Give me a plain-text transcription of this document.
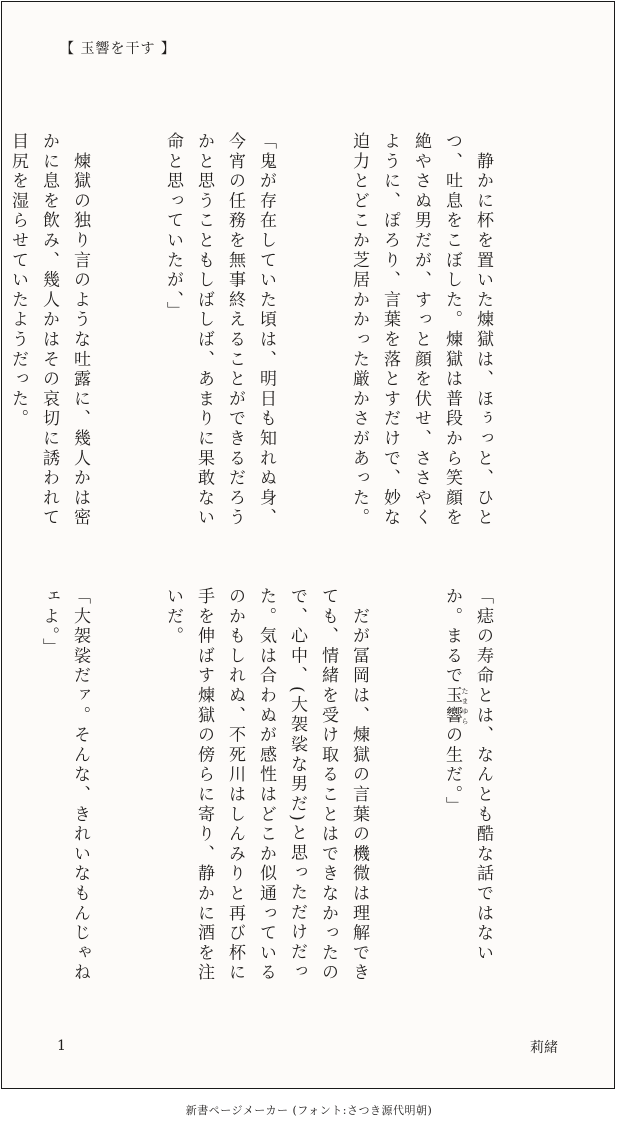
【 玉響を干す 】

　静かに杯を置いた煉獄は、ほぅっと、ひとつ、吐息をこぼした。煉獄は普段から笑顔を絶やさぬ男だが、すっと顔を伏せ、ささやくように、ぽろり、言葉を落とすだけで、妙な迫力とどこか芝居かかった厳かさがあった。

「鬼が存在していた頃は、明日も知れぬ身、今宵の任務を無事終えることができるだろうかと思うこともしばしば、あまりに果敢ない命と思っていたが、」

　煉獄の独り言のような吐露に、幾人かは密かに息を飲み、幾人かはその哀切に誘われて目尻を湿らせていたようだった。

「痣の寿命とは、なんとも酷な話ではないか。まるで玉響 たまゆらの生だ。」

　だが冨岡は、煉獄の言葉の機微は理解できても、情緒を受け取ることはできなかったので、心中、(大袈裟な男だ)と思っただけだった。気は合わぬが感性はどこか似通っているのかもしれぬ、不死川はしんみりと再び杯に手を伸ばす煉獄の傍らに寄り、静かに酒を注いだ。

「大袈裟だァ。そんな、きれいなもんじゃねェよ。」

1	莉緒
新書ページメーカー (フォント:さつき源代明朝)
